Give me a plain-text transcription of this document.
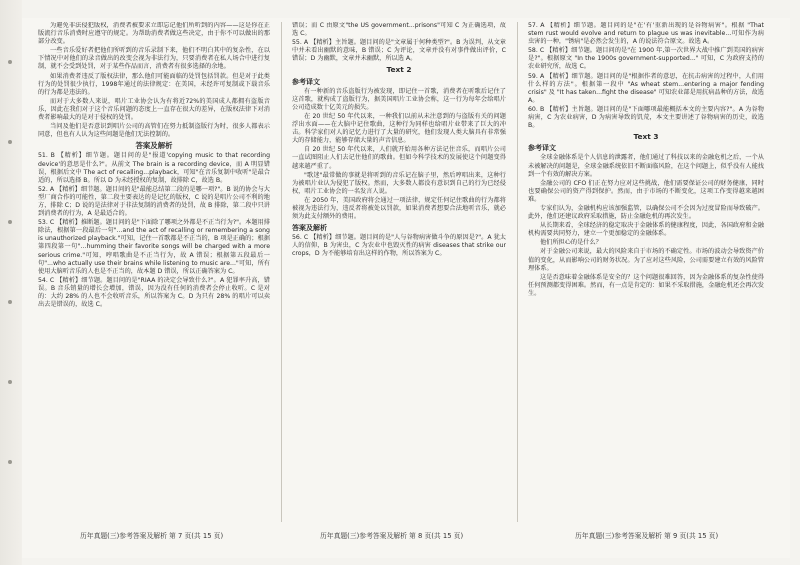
为避免非法侵犯版权，消费者被要求立即忘记他们所听到的内容——这是你在正版流行音乐消费时应遵守的规定。为帮助消费者做这些决定，由于你不可以做出的那部分改变。

一些音乐爱好者把他们所听到的音乐录制下来，他们不明白其中的复杂性，在以下情况中对他们的录音做出的改变会视为非法行为，只要消费者在私人场合中进行复制，就不会受到处罚，对于某些作品而言，消费者有很多选择的余地。

如果消费者违反了版权法律，那么他们可能面临的处罚包括罚款。但是对于此类行为的处罚很少执行，1998年通过的法律规定：在美国，未经许可复制或下载音乐的行为都是违法的。

而对于大多数人来说，唱片工业协会认为有将近72%的美国成人都拥有盗版音乐，因此在我们对于这个音乐问题的态度上一直存在很大的差异，在版权法律下对消费者影响最大的是对于侵权的处罚。

当问及他们是否意识到唱片公司的高管们在努力抵制盗版行为时，很多人都表示同意，但也有人认为这些问题是他们无法控制的。

答案及解析

51. B 【精析】细节题。题目问的是"报道'copying music to that recording device'的意思是什么?"。从前文 The brain is a recording device，而 A 明显错误，根据后文中 The act of recalling...playback，可知"在音乐复制中收听"是最合适的，所以选择 B。所以 D 为未经授权的复制，故排除 C，故选 B。

52. A 【精析】细节题。题目问的是"最能总结第二段的是哪一项?"。B 说的协会与大型厂商合作的可能性，第二段主要表达的是记忆的版权，C 说的是唱片公司不利的地方，排除 C；D 说的是法律对于非法复制的消费者的处罚，故 B 排除，第二段中只讲到消费者的行为，A 是最适合的。

53. C 【精析】推断题。题目问的是"下面除了哪项之外都是不正当行为?"。本题用排除法，根据第一段最后一句"...and the act of recalling or remembering a song is unauthorized playback."可知，记住一首歌都是不正当的，B 项是正确的；根据第四段第一句"...humming their favorite songs will be charged with a more serious crime."可知，哼唱歌曲是不正当行为，故 A 错误；根据第五段最后一句"...who actually use their brains while listening to music are..."可知，所有使用大脑听音乐的人也是不正当的，故本题 D 错误，所以正确答案为 C。

54. C 【精析】细节题。题目问的是"RIAA 的决定会导致什么?"。A 犯罪率升高，错误。B 音乐销量的增长会增加，错误，因为没有任何的消费者会停止收听。C 是对的：大约 28% 的人也不会收听音乐，所以答案为 C。D 为只有 28% 的唱片可以卖出去是错误的，故选 C。

错误；而 C 由原文"the US government...prisons"可知 C 为正确选项，故选 C。

55. A 【精析】主旨题。题目问的是"文章属于何种类型?"。B 为误判，从文章中并未看出幽默的意味，B 错误；C 为评论，文章并没有对事件做出评价，C 错误；D 为幽默，文章并未幽默，所以选 A。

Text 2
参考译文

有一种新的音乐盗版行为被发现，即记住一首歌，消费者在听歌后记住了这首歌，就构成了盗版行为，据美国唱片工业协会称，这一行为每年会给唱片公司造成数十亿美元的损失。

在 20 世纪 50 年代以来，一种我们以前从未注意到的与盗版有关的问题浮出水面——在大脑中记住歌曲，这种行为同样也给唱片业带来了巨大的冲击。科学家们对人的记忆力进行了大量的研究，他们发现人类大脑具有非常强大的存储能力，能够存储大量的声音信息。

自 20 世纪 50 年代以来，人们就开始用各种方法记住音乐，而唱片公司一直试图阻止人们去记住他们的歌曲。但如今科学技术的发展使这个问题变得越来越严重了。

"歌迷"最常做的事就是将听到的音乐记在脑子里，然后哼唱出来，这种行为被唱片业认为侵犯了版权。然而，大多数人都没有意识到自己的行为已经侵权，唱片工业协会的一名发言人说。

在 2050 年，美国政府将会通过一项法律，规定任何记住歌曲的行为都将被视为违法行为，违反者将被处以罚款，如果消费者想要合法地听音乐，就必须为此支付额外的费用。

答案及解析

56. C 【精析】细节题。题目问的是"人与谷物病害做斗争的原因是?"。A 犹太人的信仰，B 为害虫，C 为农业中也毁灭性的病害 diseases that strike our crops，D 为不能够培育出这样的作物，所以答案为 C。

57. A 【精析】细节题。题目问的是"在'有'重新出现的是谷物病害"。根据 "That stem rust would evolve and return to plague us was inevitable...可知作为病虫害的一种，"锈病"是必然会发生的，A 的说法符合原文。故选 A。

58. C 【精析】细节题。题目问的是"在 1900 年,第一次世界大战中推广到美国的病害是?"。根据原文 "In the 1900s government-supported..." 可知，C 为政府支持的农业研究所，故选 C。

59. A 【精析】细节题。题目问的是"根据作者的意思，在抗击病害的过程中，人们用什么样的方法"。根据第一段中 "As wheat stem...entering a major fending crisis" 及 "It has taken...fight the disease" 可知农业部是用抗病品种的方法，故选 A。

60. B 【精析】主旨题。题目问的是"下面哪项最能概括本文的主要内容?"。A 为谷物病害，C 为农业病害，D 为病害导致的饥荒，本文主要讲述了谷物病害的历史，故选 B。

Text 3
参考译文

全球金融体系是个人信息的泄露者，他们通过了科技以来的金融危机之后，一个从未被解决的问题是，全球金融系统依旧不断面临风险，在这个问题上，似乎没有人能找到一个有效的解决方案。

金融公司的 CFO 们正在努力应对这些挑战，他们需要保证公司的财务健康，同时也要确保公司的资产得到保护。然而，由于市场的不断变化，这项工作变得越来越困难。

专家们认为，金融机构应该加强监管，以确保公司不会因为过度冒险而导致破产。此外，他们还建议政府采取措施，防止金融危机的再次发生。

从长期来看，全球经济的稳定取决于金融体系的健康程度，因此，各国政府和金融机构需要共同努力，建立一个更加稳定的金融体系。

他们所担心的是什么？

对于金融公司来说，最大的风险来自于市场的不确定性。市场的波动会导致资产价值的变化，从而影响公司的财务状况。为了应对这些风险，公司需要建立有效的风险管理体系。

这是否意味着金融体系是安全的？这个问题很难回答，因为金融体系的复杂性使得任何预测都变得困难。然而，有一点是肯定的：如果不采取措施，金融危机还会再次发生。

历年真题(三)参考答案及解析 第 7 页(共 15 页)	历年真题(三)参考答案及解析 第 8 页(共 15 页)	历年真题(三)参考答案及解析 第 9 页(共 15 页)
